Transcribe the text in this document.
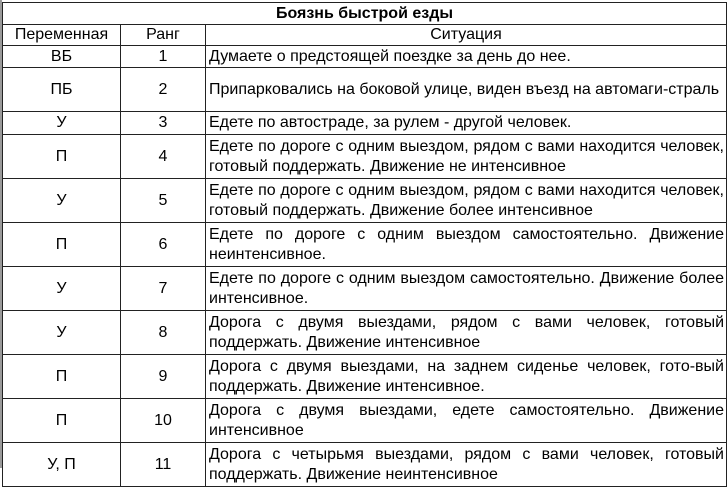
Боязнь быстрой езды		
Переменная	Ранг	Ситуация
ВБ	1	Думаете о предстоящей поездке за день до нее.
ПБ	2	Припарковались на боковой улице, виден въезд на автомаги-страль
У	3	Едете по автостраде, за рулем - другой человек.
П	4	Едете по дороге с одним выездом, рядом с вами находится человек, готовый поддержать. Движение не интенсивное
У	5	Едете по дороге с одним выездом, рядом с вами находится человек, готовый поддержать. Движение более интенсивное
П	6	Едете по дороге с одним выездом самостоятельно. Движение неинтенсивное.
У	7	Едете по дороге с одним выездом самостоятельно. Движение более интенсивное.
У	8	Дорога с двумя выездами, рядом с вами человек, готовый поддержать. Движение интенсивное
П	9	Дорога с двумя выездами, на заднем сиденье человек, гото-вый поддержать. Движение интенсивное.
П	10	Дорога с двумя выездами, едете самостоятельно. Движение интенсивное
У, П	11	Дорога с четырьмя выездами, рядом с вами человек, готовый поддержать. Движение неинтенсивное
